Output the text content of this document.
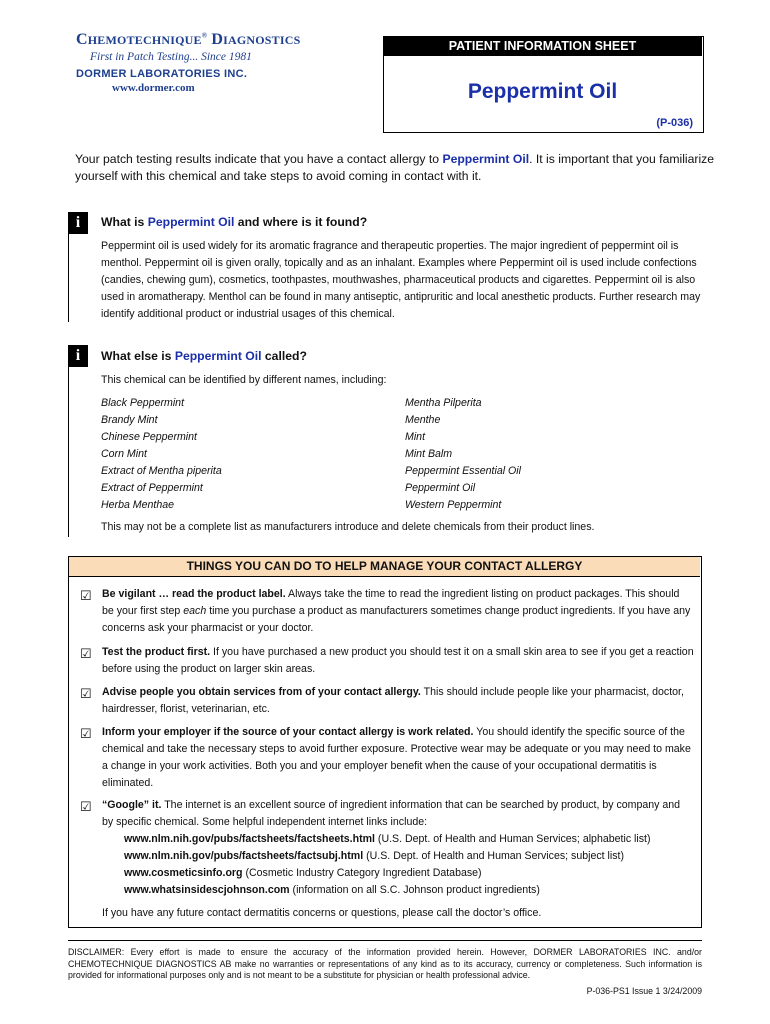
CHEMOTECHNIQUE® DIAGNOSTICS
First in Patch Testing... Since 1981
DORMER LABORATORIES INC.
www.dormer.com
PATIENT INFORMATION SHEET
Peppermint Oil
(P-036)
Your patch testing results indicate that you have a contact allergy to Peppermint Oil. It is important that you familiarize yourself with this chemical and take steps to avoid coming in contact with it.
i	What is Peppermint Oil and where is it found?
Peppermint oil is used widely for its aromatic fragrance and therapeutic properties. The major ingredient of peppermint oil is menthol. Peppermint oil is given orally, topically and as an inhalant. Examples where Peppermint oil is used include confections (candies, chewing gum), cosmetics, toothpastes, mouthwashes, pharmaceutical products and cigarettes. Peppermint oil is also used in aromatherapy. Menthol can be found in many antiseptic, antipruritic and local anesthetic products. Further research may identify additional product or industrial usages of this chemical.
i	What else is Peppermint Oil called?
This chemical can be identified by different names, including:
Black Peppermint
Brandy Mint
Chinese Peppermint
Corn Mint
Extract of Mentha piperita
Extract of Peppermint
Herba Menthae
Mentha Pilperita
Menthe
Mint
Mint Balm
Peppermint Essential Oil
Peppermint Oil
Western Peppermint
This may not be a complete list as manufacturers introduce and delete chemicals from their product lines.
THINGS YOU CAN DO TO HELP MANAGE YOUR CONTACT ALLERGY
☑ Be vigilant … read the product label. Always take the time to read the ingredient listing on product packages. This should be your first step each time you purchase a product as manufacturers sometimes change product ingredients. If you have any concerns ask your pharmacist or your doctor.
☑ Test the product first. If you have purchased a new product you should test it on a small skin area to see if you get a reaction before using the product on larger skin areas.
☑ Advise people you obtain services from of your contact allergy. This should include people like your pharmacist, doctor, hairdresser, florist, veterinarian, etc.
☑ Inform your employer if the source of your contact allergy is work related. You should identify the specific source of the chemical and take the necessary steps to avoid further exposure. Protective wear may be adequate or you may need to make a change in your work activities. Both you and your employer benefit when the cause of your occupational dermatitis is eliminated.
☑ “Google” it. The internet is an excellent source of ingredient information that can be searched by product, by company and by specific chemical. Some helpful independent internet links include:
www.nlm.nih.gov/pubs/factsheets/factsheets.html (U.S. Dept. of Health and Human Services; alphabetic list)
www.nlm.nih.gov/pubs/factsheets/factsubj.html (U.S. Dept. of Health and Human Services; subject list)
www.cosmeticsinfo.org (Cosmetic Industry Category Ingredient Database)
www.whatsinsidescjohnson.com (information on all S.C. Johnson product ingredients)
If you have any future contact dermatitis concerns or questions, please call the doctor’s office.
DISCLAIMER: Every effort is made to ensure the accuracy of the information provided herein. However, DORMER LABORATORIES INC. and/or CHEMOTECHNIQUE DIAGNOSTICS AB make no warranties or representations of any kind as to its accuracy, currency or completeness. Such information is provided for informational purposes only and is not meant to be a substitute for physician or health professional advice.
P-036-PS1 Issue 1 3/24/2009
